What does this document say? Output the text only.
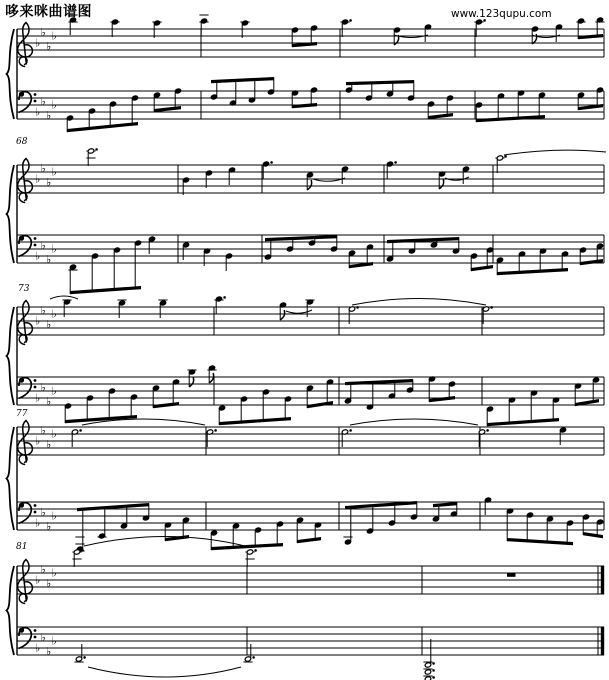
♭
♭
♭
♭
♭
♭
♭
♭
♭
♭
♭
♭
♭
♭
♭
♭
68
♭
♭
♭
♭
♭
♭
♭
♭
73
♭
♭
♭
♭
♭
♭
♭
♭
77
♭
♭
♭
♭
♭
♭
♭
♭
81
哆来咪曲谱图	www.123qupu.com
